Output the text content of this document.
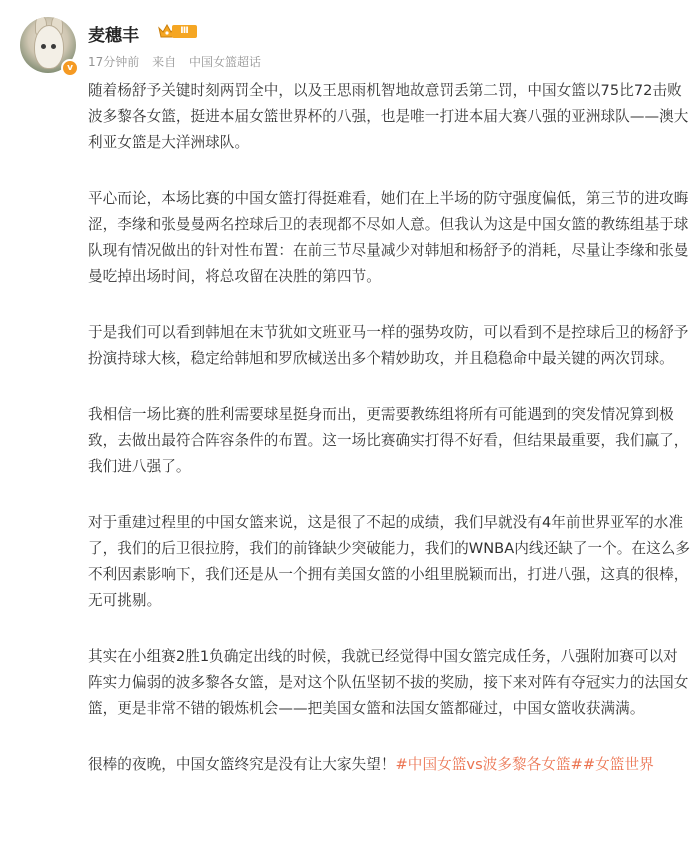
v
麦穗丰	Ⅲ
17分钟前 来自 中国女篮超话

随着杨舒予关键时刻两罚全中，以及王思雨机智地故意罚丢第二罚，中国女篮以75比72击败波多黎各女篮，挺进本届女篮世界杯的八强，也是唯一打进本届大赛八强的亚洲球队——澳大利亚女篮是大洋洲球队。

平心而论，本场比赛的中国女篮打得挺难看，她们在上半场的防守强度偏低，第三节的进攻晦涩，李缘和张曼曼两名控球后卫的表现都不尽如人意。但我认为这是中国女篮的教练组基于球队现有情况做出的针对性布置：在前三节尽量减少对韩旭和杨舒予的消耗，尽量让李缘和张曼曼吃掉出场时间，将总攻留在决胜的第四节。

于是我们可以看到韩旭在末节犹如文班亚马一样的强势攻防，可以看到不是控球后卫的杨舒予扮演持球大核，稳定给韩旭和罗欣棫送出多个精妙助攻，并且稳稳命中最关键的两次罚球。

我相信一场比赛的胜利需要球星挺身而出，更需要教练组将所有可能遇到的突发情况算到极致，去做出最符合阵容条件的布置。这一场比赛确实打得不好看，但结果最重要，我们赢了，我们进八强了。

对于重建过程里的中国女篮来说，这是很了不起的成绩，我们早就没有4年前世界亚军的水准了，我们的后卫很拉胯，我们的前锋缺少突破能力，我们的WNBA内线还缺了一个。在这么多不利因素影响下，我们还是从一个拥有美国女篮的小组里脱颖而出，打进八强，这真的很棒，无可挑剔。

其实在小组赛2胜1负确定出线的时候，我就已经觉得中国女篮完成任务，八强附加赛可以对阵实力偏弱的波多黎各女篮，是对这个队伍坚韧不拔的奖励，接下来对阵有夺冠实力的法国女篮，更是非常不错的锻炼机会——把美国女篮和法国女篮都碰过，中国女篮收获满满。

很棒的夜晚，中国女篮终究是没有让大家失望！#中国女篮vs波多黎各女篮##女篮世界
